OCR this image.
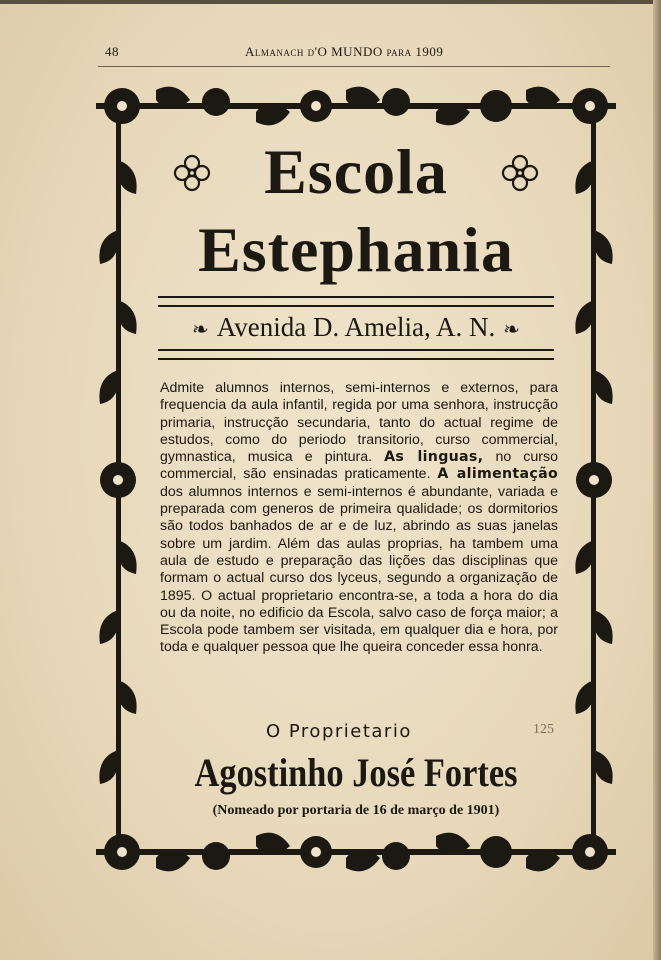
48	Almanach d'O MUNDO para 1909
Escola
Estephania
❧ Avenida D. Amelia, A. N. ❧
Admite alumnos internos, semi-internos e externos, para frequencia da aula infantil, regida por uma senhora, instrucção primaria, instrucção secundaria, tanto do actual regime de estudos, como do periodo transitorio, curso commercial, gymnastica, musica e pintura. As linguas, no curso commercial, são ensinadas praticamente. A alimentação dos alumnos internos e semi-internos é abundante, variada e preparada com generos de primeira qualidade; os dormitorios são todos banhados de ar e de luz, abrindo as suas janelas sobre um jardim. Além das aulas proprias, ha tambem uma aula de estudo e preparação das lições das disciplinas que formam o actual curso dos lyceus, segundo a organização de 1895. O actual proprietario encontra-se, a toda a hora do dia ou da noite, no edificio da Escola, salvo caso de força maior; a Escola pode tambem ser visitada, em qualquer dia e hora, por toda e qualquer pessoa que lhe queira conceder essa honra.
O Proprietario	125
Agostinho José Fortes
(Nomeado por portaria de 16 de março de 1901)
